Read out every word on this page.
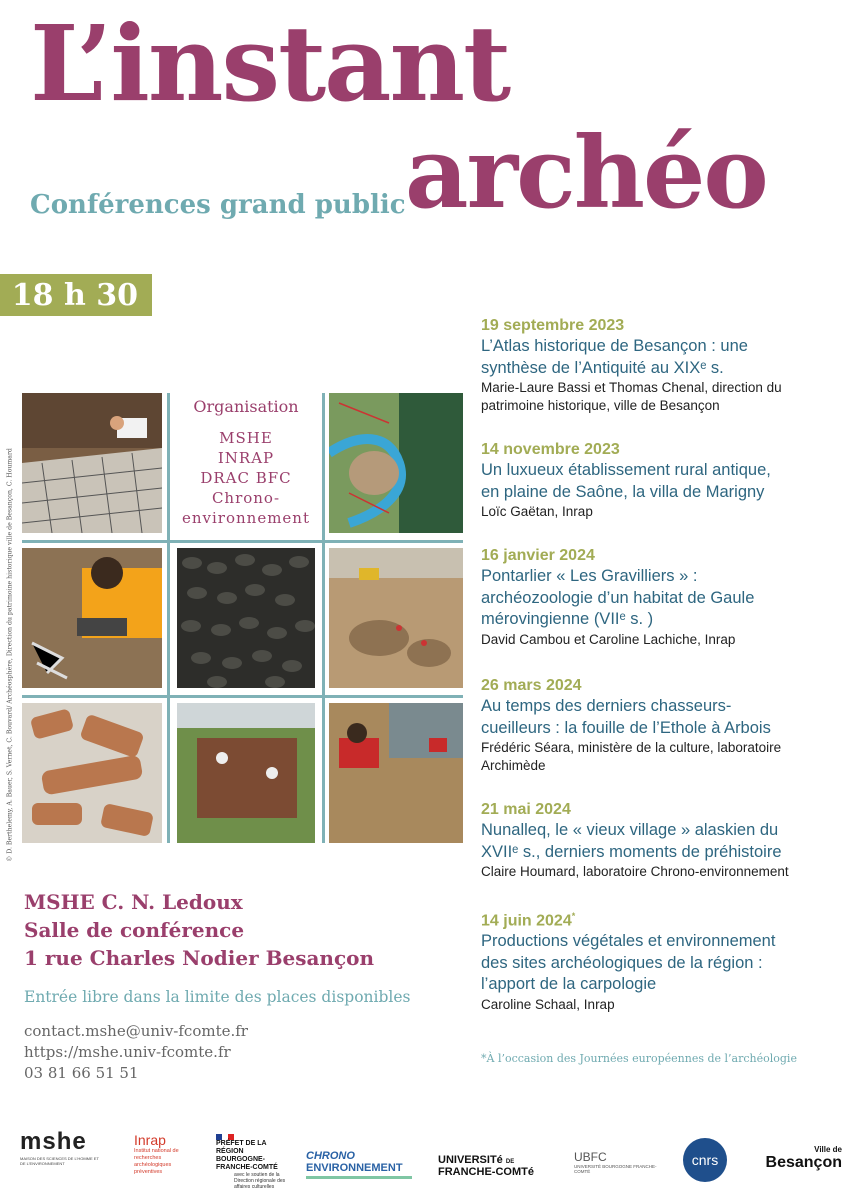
L’instant
archéo
Conférences grand public
18 h 30
© D. Berthelemy, A. Bauer, S. Vernet, C. Bouvard/ Archéosphère, Direction du patrimoine historique ville de Besançon, C. Houmard
Organisation
MSHE
INRAP
DRAC BFC
Chrono-
environnement
19 septembre 2023
L’Atlas historique de Besançon : une
synthèse de l’Antiquité au XIXᵉ s.
Marie-Laure Bassi et Thomas Chenal, direction du
patrimoine historique, ville de Besançon
14 novembre 2023
Un luxueux établissement rural antique,
en plaine de Saône, la villa de Marigny
Loïc Gaëtan, Inrap
16 janvier 2024
Pontarlier « Les Gravilliers » :
archéozoologie d’un habitat de Gaule
mérovingienne (VIIᵉ s. )
David Cambou et Caroline Lachiche, Inrap
26 mars 2024
Au temps des derniers chasseurs-
cueilleurs : la fouille de l’Ethole à Arbois
Frédéric Séara, ministère de la culture, laboratoire
Archimède
21 mai 2024
Nunalleq, le « vieux village » alaskien du
XVIIᵉ s., derniers moments de préhistoire
Claire Houmard, laboratoire Chrono-environnement
14 juin 2024*
Productions végétales et environnement
des sites archéologiques de la région :
l’apport de la carpologie
Caroline Schaal, Inrap
MSHE C. N. Ledoux
Salle de conférence
1 rue Charles Nodier Besançon
Entrée libre dans la limite des places disponibles
contact.mshe@univ-fcomte.fr
https://mshe.univ-fcomte.fr
03 81 66 51 51
*À l’occasion des Journées européennes de l’archéologie
mshe
MAISON DES SCIENCES DE L’HOMME ET DE L’ENVIRONNEMENT
Inrap
Institut national de recherches archéologiques préventives
PRÉFET DE LA RÉGION BOURGOGNE- FRANCHE-COMTÉ
avec le soutien de la Direction régionale des affaires culturelles
CHRONO
ENVIRONNEMENT
UNIVERSITé DE
FRANCHE-COMTé
UBFC
UNIVERSITÉ BOURGOGNE FRANCHE-COMTÉ
cnrs
Ville de
Besançon
